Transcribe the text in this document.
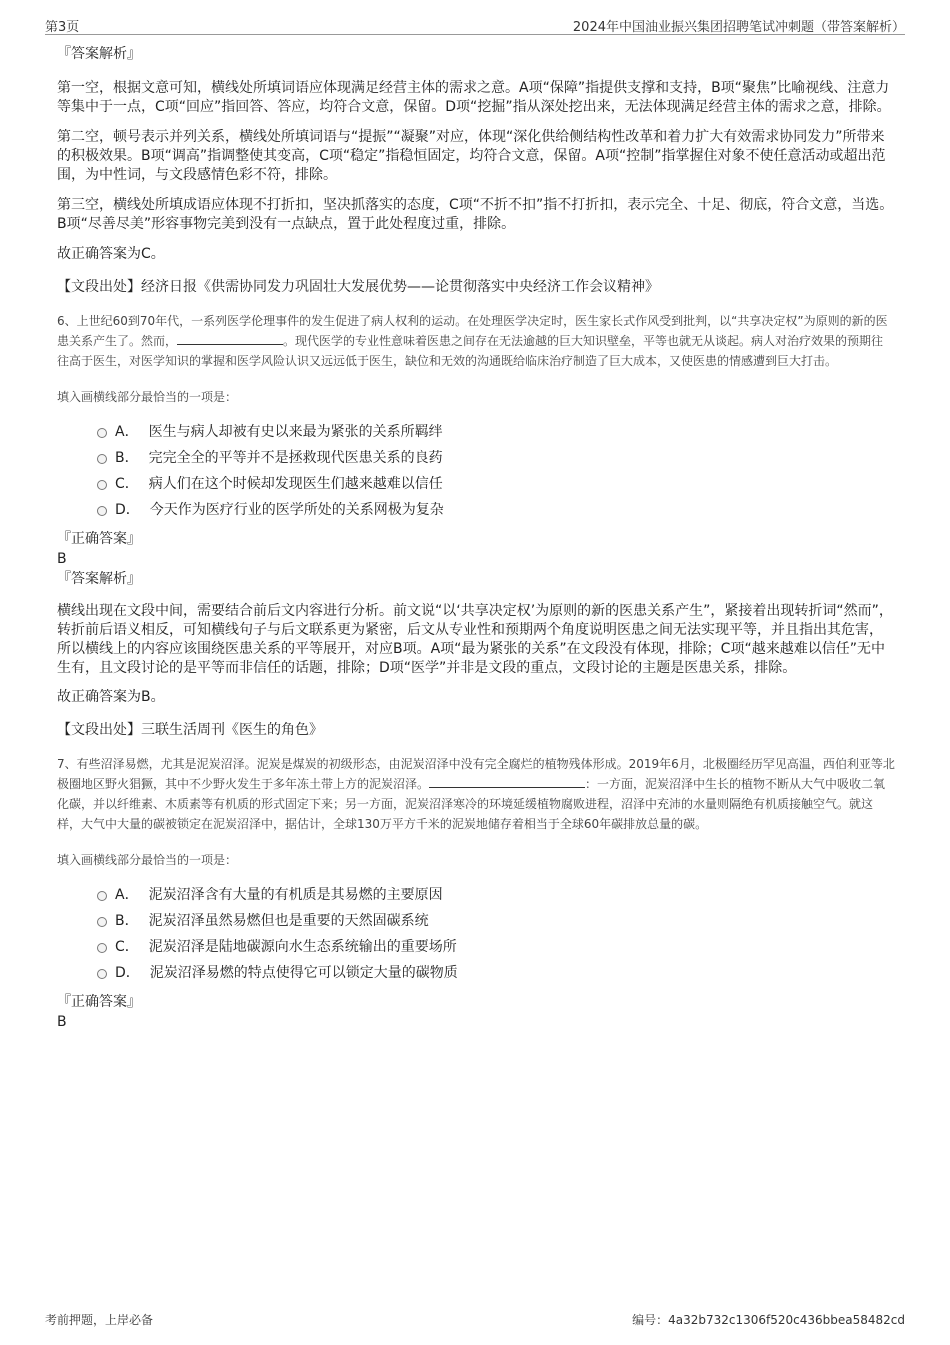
第3页	2024年中国油业振兴集团招聘笔试冲刺题（带答案解析）

『答案解析』

第一空，根据文意可知，横线处所填词语应体现满足经营主体的需求之意。A项“保障”指提供支撑和支持，B项“聚焦”比喻视线、注意力等集中于一点，C项“回应”指回答、答应，均符合文意，保留。D项“挖掘”指从深处挖出来，无法体现满足经营主体的需求之意，排除。

第二空，顿号表示并列关系，横线处所填词语与“提振”“凝聚”对应，体现“深化供给侧结构性改革和着力扩大有效需求协同发力”所带来的积极效果。B项“调高”指调整使其变高，C项“稳定”指稳恒固定，均符合文意，保留。A项“控制”指掌握住对象不使任意活动或超出范围，为中性词，与文段感情色彩不符，排除。

第三空，横线处所填成语应体现不打折扣，坚决抓落实的态度，C项“不折不扣”指不打折扣，表示完全、十足、彻底，符合文意，当选。B项“尽善尽美”形容事物完美到没有一点缺点，置于此处程度过重，排除。

故正确答案为C。

【文段出处】经济日报《供需协同发力巩固壮大发展优势——论贯彻落实中央经济工作会议精神》

6、上世纪60到70年代，一系列医学伦理事件的发生促进了病人权利的运动。在处理医学决定时，医生家长式作风受到批判，以“共享决定权”为原则的新的医患关系产生了。然而，	。现代医学的专业性意味着医患之间存在无法逾越的巨大知识壁垒，平等也就无从谈起。病人对治疗效果的预期往往高于医生，对医学知识的掌握和医学风险认识又远远低于医生，缺位和无效的沟通既给临床治疗制造了巨大成本，又使医患的情感遭到巨大打击。

填入画横线部分最恰当的一项是：

A． 医生与病人却被有史以来最为紧张的关系所羁绊
B． 完完全全的平等并不是拯救现代医患关系的良药
C． 病人们在这个时候却发现医生们越来越难以信任
D． 今天作为医疗行业的医学所处的关系网极为复杂

『正确答案』

B

『答案解析』

横线出现在文段中间，需要结合前后文内容进行分析。前文说“以‘共享决定权’为原则的新的医患关系产生”，紧接着出现转折词“然而”，转折前后语义相反，可知横线句子与后文联系更为紧密，后文从专业性和预期两个角度说明医患之间无法实现平等，并且指出其危害，所以横线上的内容应该围绕医患关系的平等展开，对应B项。A项“最为紧张的关系”在文段没有体现，排除；C项“越来越难以信任”无中生有，且文段讨论的是平等而非信任的话题，排除；D项“医学”并非是文段的重点，文段讨论的主题是医患关系，排除。

故正确答案为B。

【文段出处】三联生活周刊《医生的角色》

7、有些沼泽易燃，尤其是泥炭沼泽。泥炭是煤炭的初级形态，由泥炭沼泽中没有完全腐烂的植物残体形成。2019年6月，北极圈经历罕见高温，西伯利亚等北极圈地区野火猖獗，其中不少野火发生于多年冻土带上方的泥炭沼泽。	：一方面，泥炭沼泽中生长的植物不断从大气中吸收二氧化碳，并以纤维素、木质素等有机质的形式固定下来；另一方面，泥炭沼泽寒冷的环境延缓植物腐败进程，沼泽中充沛的水量则隔绝有机质接触空气。就这样，大气中大量的碳被锁定在泥炭沼泽中，据估计，全球130万平方千米的泥炭地储存着相当于全球60年碳排放总量的碳。

填入画横线部分最恰当的一项是：

A． 泥炭沼泽含有大量的有机质是其易燃的主要原因
B． 泥炭沼泽虽然易燃但也是重要的天然固碳系统
C． 泥炭沼泽是陆地碳源向水生态系统输出的重要场所
D． 泥炭沼泽易燃的特点使得它可以锁定大量的碳物质

『正确答案』

B

考前押题，上岸必备	编号：4a32b732c1306f520c436bbea58482cd
